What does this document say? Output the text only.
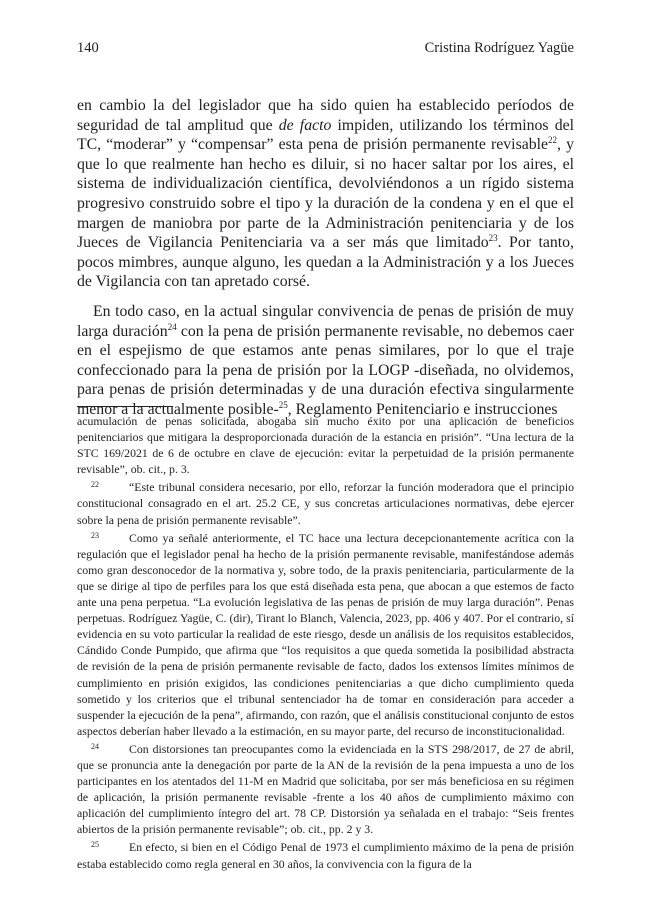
140	Cristina Rodríguez Yagüe

en cambio la del legislador que ha sido quien ha establecido períodos de seguridad de tal amplitud que de facto impiden, utilizando los términos del TC, “moderar” y “compensar” esta pena de prisión permanente revisable$^{22}$, y que lo que realmente han hecho es diluir, si no hacer saltar por los aires, el sistema de individualización científica, devolviéndonos a un rígido sistema progresivo construido sobre el tipo y la duración de la condena y en el que el margen de maniobra por parte de la Administración penitenciaria y de los Jueces de Vigilancia Penitenciaria va a ser más que limitado$^{23}$. Por tanto, pocos mimbres, aunque alguno, les quedan a la Administración y a los Jueces de Vigilancia con tan apretado corsé.

En todo caso, en la actual singular convivencia de penas de prisión de muy larga duración$^{24}$ con la pena de prisión permanente revisable, no debemos caer en el espejismo de que estamos ante penas similares, por lo que el traje confeccionado para la pena de prisión por la LOGP -diseñada, no olvidemos, para penas de prisión determinadas y de una duración efectiva singularmente menor a la actualmente posible-$^{25}$, Reglamento Penitenciario e instrucciones

acumulación de penas solicitada, abogaba sin mucho éxito por una aplicación de beneficios penitenciarios que mitigara la desproporcionada duración de la estancia en prisión”. “Una lectura de la STC 169/2021 de 6 de octubre en clave de ejecución: evitar la perpetuidad de la prisión permanente revisable”, ob. cit., p. 3.

22	“Este tribunal considera necesario, por ello, reforzar la función moderadora que el principio constitucional consagrado en el art. 25.2 CE, y sus concretas articulaciones normativas, debe ejercer sobre la pena de prisión permanente revisable”.

23	Como ya señalé anteriormente, el TC hace una lectura decepcionantemente acrítica con la regulación que el legislador penal ha hecho de la prisión permanente revisable, manifestándose además como gran desconocedor de la normativa y, sobre todo, de la praxis penitenciaria, particularmente de la que se dirige al tipo de perfiles para los que está diseñada esta pena, que abocan a que estemos de facto ante una pena perpetua. “La evolución legislativa de las penas de prisión de muy larga duración”. Penas perpetuas. Rodríguez Yagüe, C. (dir), Tirant lo Blanch, Valencia, 2023, pp. 406 y 407. Por el contrario, sí evidencia en su voto particular la realidad de este riesgo, desde un análisis de los requisitos establecidos, Cándido Conde Pumpido, que afirma que “los requisitos a que queda sometida la posibilidad abstracta de revisión de la pena de prisión permanente revisable de facto, dados los extensos límites mínimos de cumplimiento en prisión exigidos, las condiciones penitenciarias a que dicho cumplimiento queda sometido y los criterios que el tribunal sentenciador ha de tomar en consideración para acceder a suspender la ejecución de la pena”, afirmando, con razón, que el análisis constitucional conjunto de estos aspectos deberían haber llevado a la estimación, en su mayor parte, del recurso de inconstitucionalidad.

24	Con distorsiones tan preocupantes como la evidenciada en la STS 298/2017, de 27 de abril, que se pronuncia ante la denegación por parte de la AN de la revisión de la pena impuesta a uno de los participantes en los atentados del 11-M en Madrid que solicitaba, por ser más beneficiosa en su régimen de aplicación, la prisión permanente revisable -frente a los 40 años de cumplimiento máximo con aplicación del cumplimiento íntegro del art. 78 CP. Distorsión ya señalada en el trabajo: “Seis frentes abiertos de la prisión permanente revisable”; ob. cit., pp. 2 y 3.

25	En efecto, si bien en el Código Penal de 1973 el cumplimiento máximo de la pena de prisión estaba establecido como regla general en 30 años, la convivencia con la figura de la
